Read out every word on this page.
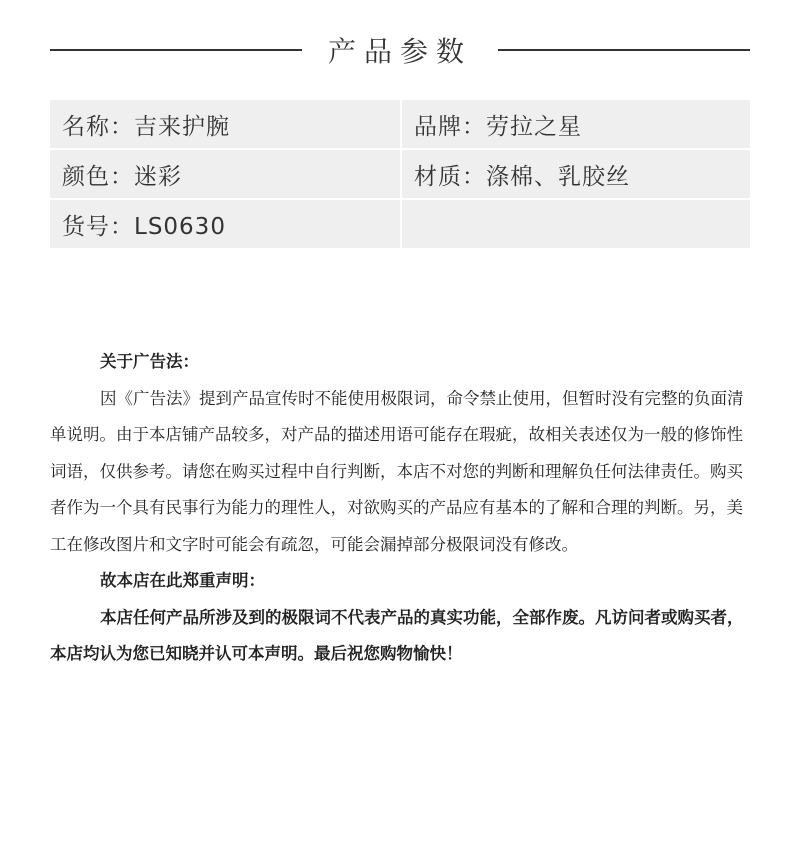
产品参数
名称：吉来护腕	品牌：劳拉之星
颜色：迷彩	材质：涤棉、乳胶丝
货号：LS0630

关于广告法：

因《广告法》提到产品宣传时不能使用极限词，命令禁止使用，但暂时没有完整的负面清单说明。由于本店铺产品较多，对产品的描述用语可能存在瑕疵，故相关表述仅为一般的修饰性词语，仅供参考。请您在购买过程中自行判断，本店不对您的判断和理解负任何法律责任。购买者作为一个具有民事行为能力的理性人，对欲购买的产品应有基本的了解和合理的判断。另，美工在修改图片和文字时可能会有疏忽，可能会漏掉部分极限词没有修改。

故本店在此郑重声明：

本店任何产品所涉及到的极限词不代表产品的真实功能，全部作废。凡访问者或购买者，本店均认为您已知晓并认可本声明。最后祝您购物愉快！
